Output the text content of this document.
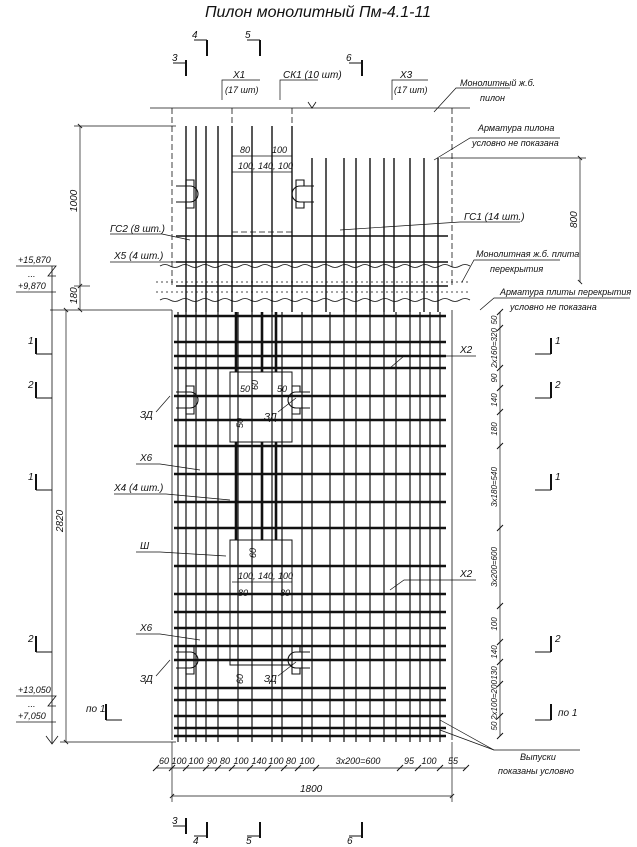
Пилон монолитный Пм-4.1-11
4	5
3	6
3
4	5	6
1
2
1
2
по 1
1
2
1
2
по 1
Х1
(17 шт)
СК1 (10 шт)	Х3
(17 шт)
Монолитный ж.б.
пилон
Арматура пилона
условно не показана
ГС1 (14 шт.)
ГС2 (8 шт.)
Х5 (4 шт.)	Монолитная ж.б. плита
перекрытия
Арматура плиты перекрытия
условно не показана
Х2
Х2
ЗД	ЗД
ЗД	ЗД
Х6
Х6
Х4 (4 шт.)
Ш
Выпуски
показаны условно
+15,870
...
+9,870
+13,050
...
+7,050
1000
180
2820
800
1800
80 100
100, 140, 100
100, 140, 100
80	80
50 60 50
50
60
60
60 100 100 90 80 100 140 100 80 100 3x200=600	95 100 55
50
2x160=320
90
140
180
3x180=540
3x200=600
100
140
130
2x100=200
50
